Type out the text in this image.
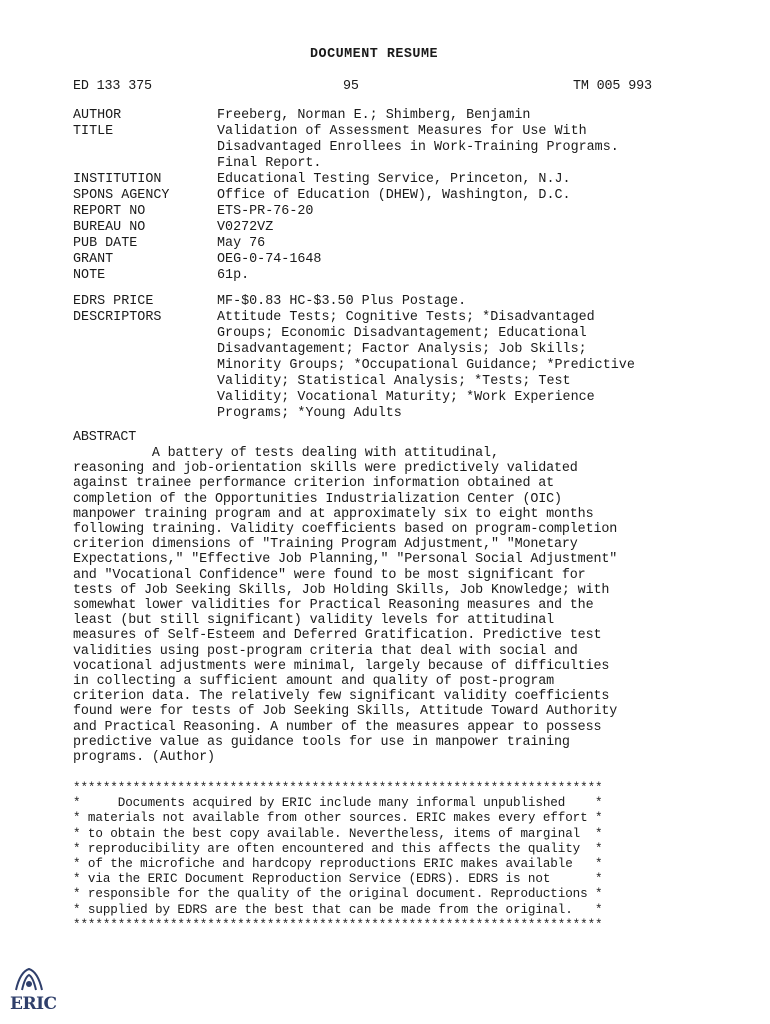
DOCUMENT RESUME
ED 133 375	95	TM 005 993
AUTHOR	Freeberg, Norman E.; Shimberg, Benjamin
TITLE	Validation of Assessment Measures for Use With
Disadvantaged Enrollees in Work-Training Programs.
Final Report.
INSTITUTION	Educational Testing Service, Princeton, N.J.
SPONS AGENCY	Office of Education (DHEW), Washington, D.C.
REPORT NO	ETS-PR-76-20
BUREAU NO	V0272VZ
PUB DATE	May 76
GRANT	OEG-0-74-1648
NOTE	61p.
EDRS PRICE	MF-$0.83 HC-$3.50 Plus Postage.
DESCRIPTORS	Attitude Tests; Cognitive Tests; *Disadvantaged
Groups; Economic Disadvantagement; Educational
Disadvantagement; Factor Analysis; Job Skills;
Minority Groups; *Occupational Guidance; *Predictive
Validity; Statistical Analysis; *Tests; Test
Validity; Vocational Maturity; *Work Experience
Programs; *Young Adults
ABSTRACT
A battery of tests dealing with attitudinal,
reasoning and job-orientation skills were predictively validated
against trainee performance criterion information obtained at
completion of the Opportunities Industrialization Center (OIC)
manpower training program and at approximately six to eight months
following training. Validity coefficients based on program-completion
criterion dimensions of "Training Program Adjustment," "Monetary
Expectations," "Effective Job Planning," "Personal Social Adjustment"
and "Vocational Confidence" were found to be most significant for
tests of Job Seeking Skills, Job Holding Skills, Job Knowledge; with
somewhat lower validities for Practical Reasoning measures and the
least (but still significant) validity levels for attitudinal
measures of Self-Esteem and Deferred Gratification. Predictive test
validities using post-program criteria that deal with social and
vocational adjustments were minimal, largely because of difficulties
in collecting a sufficient amount and quality of post-program
criterion data. The relatively few significant validity coefficients
found were for tests of Job Seeking Skills, Attitude Toward Authority
and Practical Reasoning. A number of the measures appear to possess
predictive value as guidance tools for use in manpower training
programs. (Author)
***********************************************************************
*     Documents acquired by ERIC include many informal unpublished    *
* materials not available from other sources. ERIC makes every effort *
* to obtain the best copy available. Nevertheless, items of marginal  *
* reproducibility are often encountered and this affects the quality  *
* of the microfiche and hardcopy reproductions ERIC makes available   *
* via the ERIC Document Reproduction Service (EDRS). EDRS is not      *
* responsible for the quality of the original document. Reproductions *
* supplied by EDRS are the best that can be made from the original.   *
***********************************************************************
ERIC
